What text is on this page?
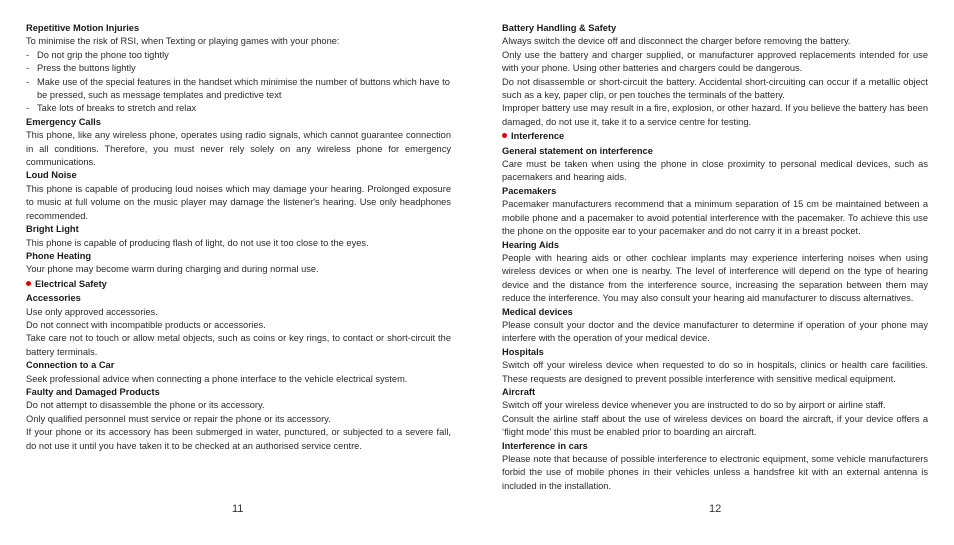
Repetitive Motion Injuries
To minimise the risk of RSI, when Texting or playing games with your phone:
- Do not grip the phone too tightly
- Press the buttons lightly
- Make use of the special features in the handset which minimise the number of buttons which have to be pressed, such as message templates and predictive text
- Take lots of breaks to stretch and relax
Emergency Calls
This phone, like any wireless phone, operates using radio signals, which cannot guarantee connection in all conditions. Therefore, you must never rely solely on any wireless phone for emergency communications.
Loud Noise
This phone is capable of producing loud noises which may damage your hearing. Prolonged exposure to music at full volume on the music player may damage the listener's hearing. Use only headphones recommended.
Bright Light
This phone is capable of producing flash of light, do not use it too close to the eyes.
Phone Heating
Your phone may become warm during charging and during normal use.
Electrical Safety
Accessories
Use only approved accessories.
Do not connect with incompatible products or accessories.
Take care not to touch or allow metal objects, such as coins or key rings, to contact or short-circuit the battery terminals.
Connection to a Car
Seek professional advice when connecting a phone interface to the vehicle electrical system.
Faulty and Damaged Products
Do not attempt to disassemble the phone or its accessory.
Only qualified personnel must service or repair the phone or its accessory.
If your phone or its accessory has been submerged in water, punctured, or subjected to a severe fall, do not use it until you have taken it to be checked at an authorised service centre.
Battery Handling & Safety
Always switch the device off and disconnect the charger before removing the battery.
Only use the battery and charger supplied, or manufacturer approved replacements intended for use with your phone. Using other batteries and chargers could be dangerous.
Do not disassemble or short-circuit the battery. Accidental short-circuiting can occur if a metallic object such as a key, paper clip, or pen touches the terminals of the battery.
Improper battery use may result in a fire, explosion, or other hazard. If you believe the battery has been damaged, do not use it, take it to a service centre for testing.
Interference
General statement on interference
Care must be taken when using the phone in close proximity to personal medical devices, such as pacemakers and hearing aids.
Pacemakers
Pacemaker manufacturers recommend that a minimum separation of 15 cm be maintained between a mobile phone and a pacemaker to avoid potential interference with the pacemaker. To achieve this use the phone on the opposite ear to your pacemaker and do not carry it in a breast pocket.
Hearing Aids
People with hearing aids or other cochlear implants may experience interfering noises when using wireless devices or when one is nearby. The level of interference will depend on the type of hearing device and the distance from the interference source, increasing the separation between them may reduce the interference. You may also consult your hearing aid manufacturer to discuss alternatives.
Medical devices
Please consult your doctor and the device manufacturer to determine if operation of your phone may interfere with the operation of your medical device.
Hospitals
Switch off your wireless device when requested to do so in hospitals, clinics or health care facilities. These requests are designed to prevent possible interference with sensitive medical equipment.
Aircraft
Switch off your wireless device whenever you are instructed to do so by airport or airline staff.
Consult the airline staff about the use of wireless devices on board the aircraft, if your device offers a ‘flight mode’ this must be enabled prior to boarding an aircraft.
Interference in cars
Please note that because of possible interference to electronic equipment, some vehicle manufacturers forbid the use of mobile phones in their vehicles unless a handsfree kit with an external antenna is included in the installation.
11	12
